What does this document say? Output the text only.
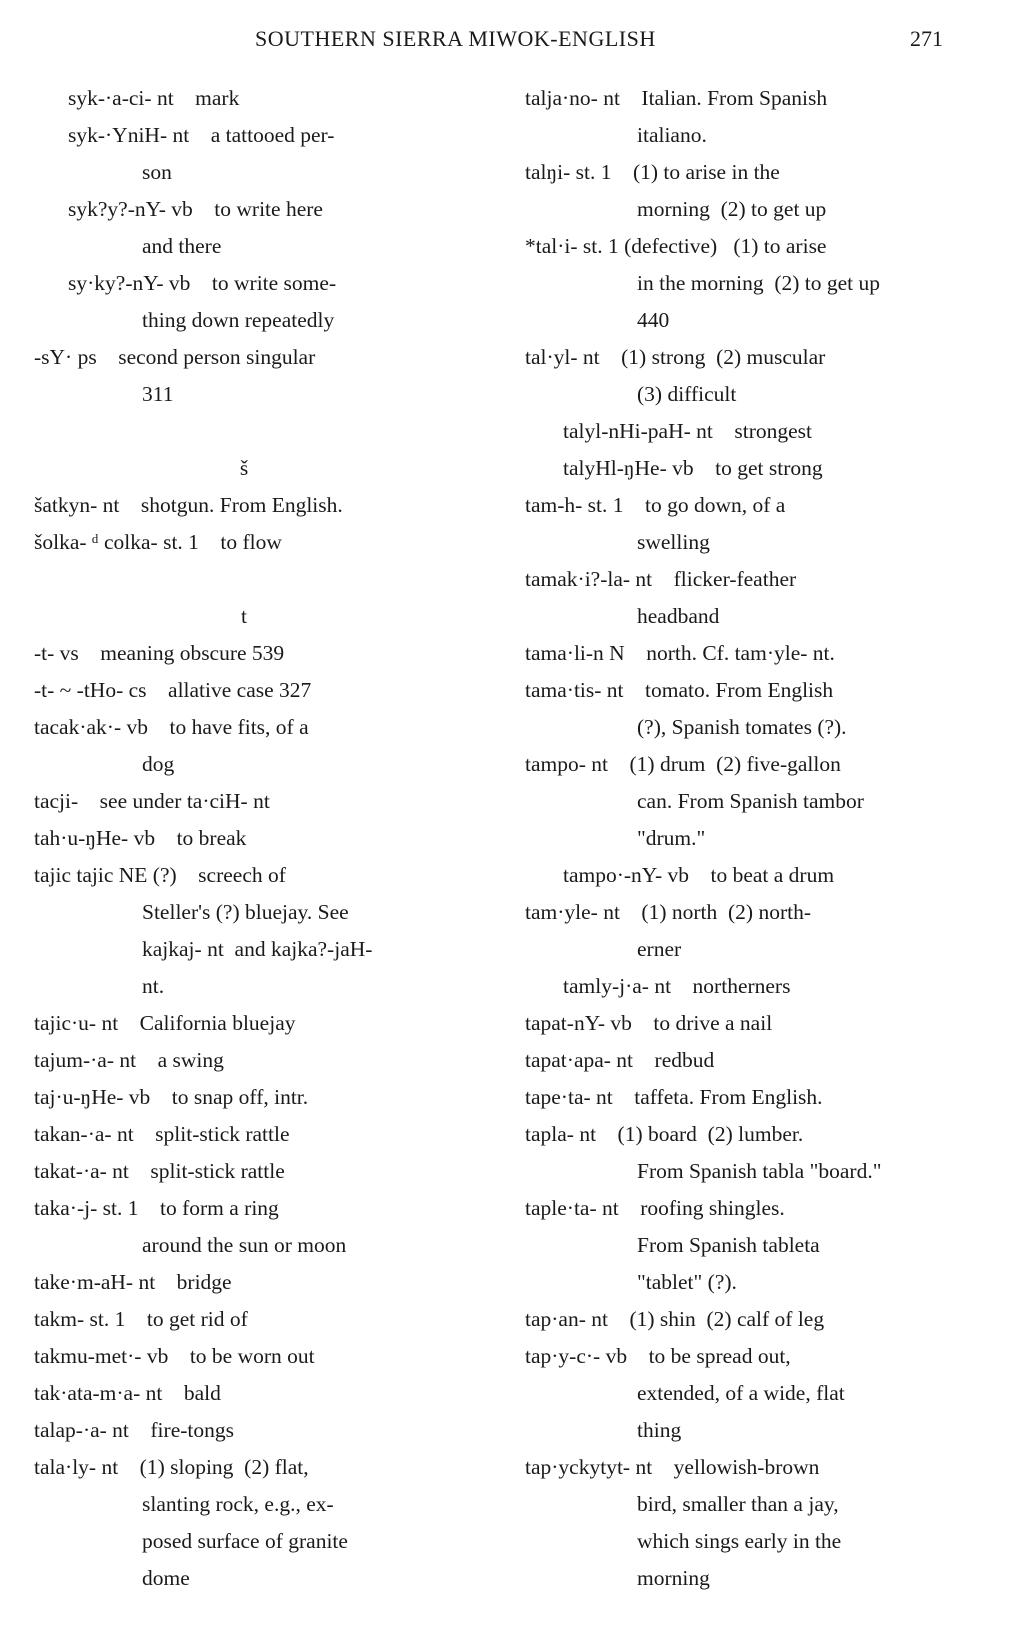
SOUTHERN SIERRA MIWOK-ENGLISH	271
syk-·a-ci- nt    mark
syk-·YniH- nt    a tattooed per-
son
syk?y?-nY- vb    to write here
and there
sy·ky?-nY- vb    to write some-
thing down repeatedly
-sY· ps    second person singular
311
š
šatkyn- nt    shotgun. From English.
šolka- ᵈ colka- st. 1    to flow
t
-t- vs    meaning obscure 539
-t- ~ -tHo- cs    allative case 327
tacak·ak·- vb    to have fits, of a
dog
tacji-    see under ta·ciH- nt
tah·u-ŋHe- vb    to break
tajic tajic NE (?)    screech of
Steller's (?) bluejay. See
kajkaj- nt  and kajka?-jaH-
nt.
tajic·u- nt    California bluejay
tajum-·a- nt    a swing
taj·u-ŋHe- vb    to snap off, intr.
takan-·a- nt    split-stick rattle
takat-·a- nt    split-stick rattle
taka·-j- st. 1    to form a ring
around the sun or moon
take·m-aH- nt    bridge
takm- st. 1    to get rid of
takmu-met·- vb    to be worn out
tak·ata-m·a- nt    bald
talap-·a- nt    fire-tongs
tala·ly- nt    (1) sloping  (2) flat,
slanting rock, e.g., ex-
posed surface of granite
dome
talja·no- nt    Italian. From Spanish
italiano.
talŋi- st. 1    (1) to arise in the
morning  (2) to get up
*tal·i- st. 1 (defective)   (1) to arise
in the morning  (2) to get up
440
tal·yl- nt    (1) strong  (2) muscular
(3) difficult
talyl-nHi-paH- nt    strongest
talyHl-ŋHe- vb    to get strong
tam-h- st. 1    to go down, of a
swelling
tamak·i?-la- nt    flicker-feather
headband
tama·li-n N    north. Cf. tam·yle- nt.
tama·tis- nt    tomato. From English
(?), Spanish tomates (?).
tampo- nt    (1) drum  (2) five-gallon
can. From Spanish tambor
"drum."
tampo·-nY- vb    to beat a drum
tam·yle- nt    (1) north  (2) north-
erner
tamly-j·a- nt    northerners
tapat-nY- vb    to drive a nail
tapat·apa- nt    redbud
tape·ta- nt    taffeta. From English.
tapla- nt    (1) board  (2) lumber.
From Spanish tabla "board."
taple·ta- nt    roofing shingles.
From Spanish tableta
"tablet" (?).
tap·an- nt    (1) shin  (2) calf of leg
tap·y-c·- vb    to be spread out,
extended, of a wide, flat
thing
tap·yckytyt- nt    yellowish-brown
bird, smaller than a jay,
which sings early in the
morning
